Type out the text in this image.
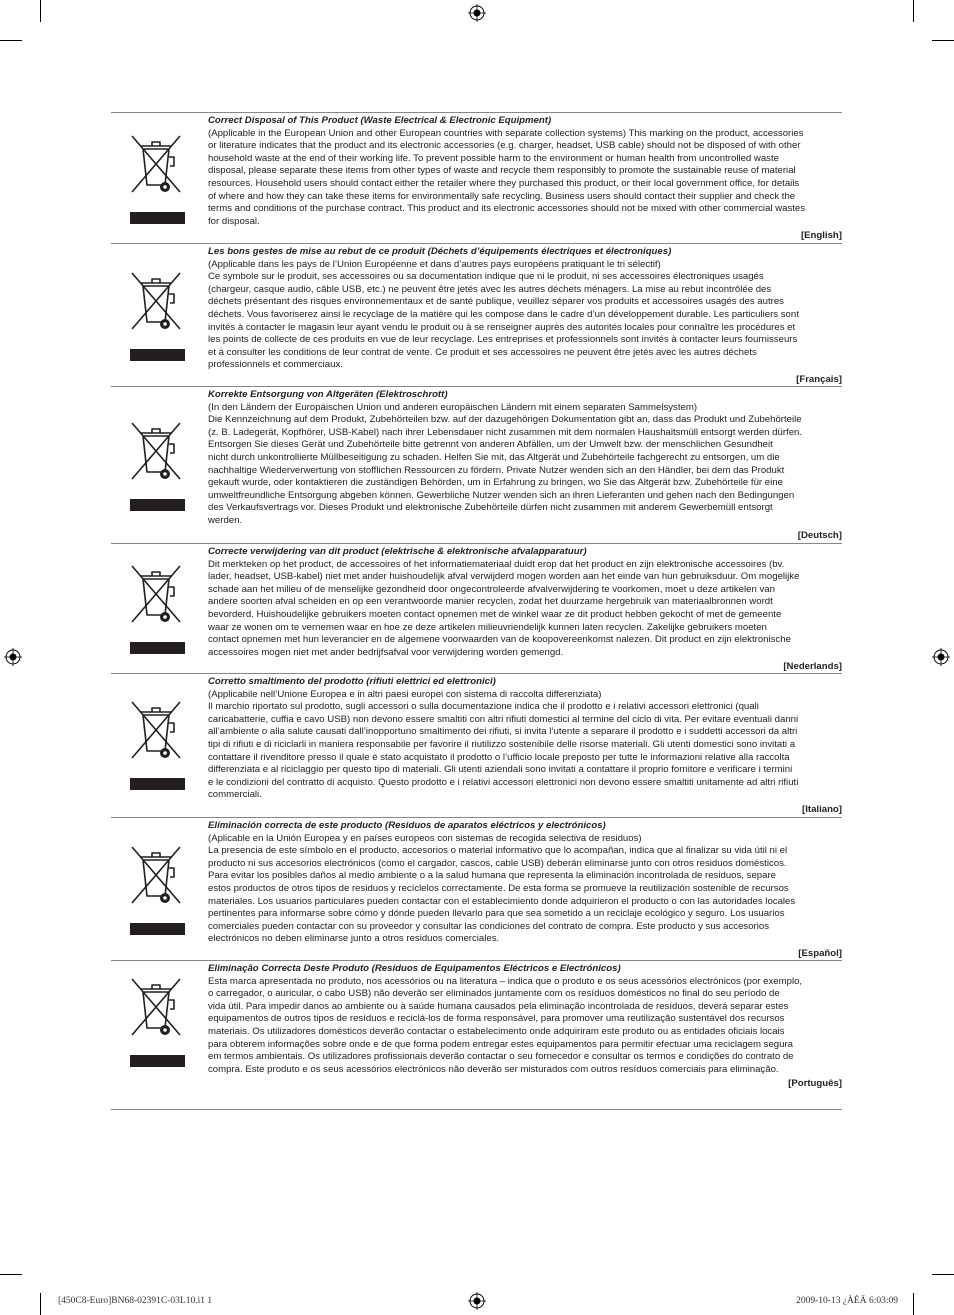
Correct Disposal of This Product (Waste Electrical & Electronic Equipment)

(Applicable in the European Union and other European countries with separate collection systems) This marking on the product, accessories
or literature indicates that the product and its electronic accessories (e.g. charger, headset, USB cable) should not be disposed of with other
household waste at the end of their working life. To prevent possible harm to the environment or human health from uncontrolled waste
disposal, please separate these items from other types of waste and recycle them responsibly to promote the sustainable reuse of material
resources. Household users should contact either the retailer where they purchased this product, or their local government office, for details
of where and how they can take these items for environmentally safe recycling. Business users should contact their supplier and check the
terms and conditions of the purchase contract. This product and its electronic accessories should not be mixed with other commercial wastes
for disposal.

[English]

Les bons gestes de mise au rebut de ce produit (Déchets d’équipements électriques et électroniques)

(Applicable dans les pays de l’Union Européenne et dans d’autres pays européens pratiquant le tri sélectif)
Ce symbole sur le produit, ses accessoires ou sa documentation indique que ni le produit, ni ses accessoires électroniques usagés
(chargeur, casque audio, câble USB, etc.) ne peuvent être jetés avec les autres déchets ménagers. La mise au rebut incontrôlée des
déchets présentant des risques environnementaux et de santé publique, veuillez séparer vos produits et accessoires usagés des autres
déchets. Vous favoriserez ainsi le recyclage de la matière qui les compose dans le cadre d’un développement durable. Les particuliers sont
invités à contacter le magasin leur ayant vendu le produit ou à se renseigner auprès des autorités locales pour connaître les procédures et
les points de collecte de ces produits en vue de leur recyclage. Les entreprises et professionnels sont invités à contacter leurs fournisseurs
et à consulter les conditions de leur contrat de vente. Ce produit et ses accessoires ne peuvent être jetés avec les autres déchets
professionnels et commerciaux.

[Français]

Korrekte Entsorgung von Altgeräten (Elektroschrott)

(In den Ländern der Europäischen Union und anderen europäischen Ländern mit einem separaten Sammelsystem)
Die Kennzeichnung auf dem Produkt, Zubehörteilen bzw. auf der dazugehörigen Dokumentation gibt an, dass das Produkt und Zubehörteile
(z. B. Ladegerät, Kopfhörer, USB-Kabel) nach ihrer Lebensdauer nicht zusammen mit dem normalen Haushaltsmüll entsorgt werden dürfen.
Entsorgen Sie dieses Gerät und Zubehörteile bitte getrennt von anderen Abfällen, um der Umwelt bzw. der menschlichen Gesundheit
nicht durch unkontrollierte Müllbeseitigung zu schaden. Helfen Sie mit, das Altgerät und Zubehörteile fachgerecht zu entsorgen, um die
nachhaltige Wiederverwertung von stofflichen Ressourcen zu fördern. Private Nutzer wenden sich an den Händler, bei dem das Produkt
gekauft wurde, oder kontaktieren die zuständigen Behörden, um in Erfahrung zu bringen, wo Sie das Altgerät bzw. Zubehörteile für eine
umweltfreundliche Entsorgung abgeben können. Gewerbliche Nutzer wenden sich an ihren Lieferanten und gehen nach den Bedingungen
des Verkaufsvertrags vor. Dieses Produkt und elektronische Zubehörteile dürfen nicht zusammen mit anderem Gewerbemüll entsorgt
werden.

[Deutsch]

Correcte verwijdering van dit product (elektrische & elektronische afvalapparatuur)

Dit merkteken op het product, de accessoires of het informatiemateriaal duidt erop dat het product en zijn elektronische accessoires (bv.
lader, headset, USB-kabel) niet met ander huishoudelijk afval verwijderd mogen worden aan het einde van hun gebruiksduur. Om mogelijke
schade aan het milieu of de menselijke gezondheid door ongecontroleerde afvalverwijdering te voorkomen, moet u deze artikelen van
andere soorten afval scheiden en op een verantwoorde manier recyclen, zodat het duurzame hergebruik van materiaalbronnen wordt
bevorderd. Huishoudelijke gebruikers moeten contact opnemen met de winkel waar ze dit product hebben gekocht of met de gemeente
waar ze wonen om te vernemen waar en hoe ze deze artikelen milieuvriendelijk kunnen laten recyclen. Zakelijke gebruikers moeten
contact opnemen met hun leverancier en de algemene voorwaarden van de koopovereenkomst nalezen. Dit product en zijn elektronische
accessoires mogen niet met ander bedrijfsafval voor verwijdering worden gemengd.

[Nederlands]

Corretto smaltimento del prodotto (rifiuti elettrici ed elettronici)

(Applicabile nell’Unione Europea e in altri paesi europei con sistema di raccolta differenziata)
Il marchio riportato sul prodotto, sugli accessori o sulla documentazione indica che il prodotto e i relativi accessori elettronici (quali
caricabatterie, cuffia e cavo USB) non devono essere smaltiti con altri rifiuti domestici al termine del ciclo di vita. Per evitare eventuali danni
all’ambiente o alla salute causati dall’inopportuno smaltimento dei rifiuti, si invita l’utente a separare il prodotto e i suddetti accessori da altri
tipi di rifiuti e di riciclarli in maniera responsabile per favorire il riutilizzo sostenibile delle risorse materiali. Gli utenti domestici sono invitati a
contattare il rivenditore presso il quale è stato acquistato il prodotto o l’ufficio locale preposto per tutte le informazioni relative alla raccolta
differenziata e al riciclaggio per questo tipo di materiali. Gli utenti aziendali sono invitati a contattare il proprio fornitore e verificare i termini
e le condizioni del contratto di acquisto. Questo prodotto e i relativi accessori elettronici non devono essere smaltiti unitamente ad altri rifiuti
commerciali.

[Italiano]

Eliminación correcta de este producto (Residuos de aparatos eléctricos y electrónicos)

(Aplicable en la Unión Europea y en países europeos con sistemas de recogida selectiva de residuos)
La presencia de este símbolo en el producto, accesorios o material informativo que lo acompañan, indica que al finalizar su vida útil ni el
producto ni sus accesorios electrónicos (como el cargador, cascos, cable USB) deberán eliminarse junto con otros residuos domésticos.
Para evitar los posibles daños al medio ambiente o a la salud humana que representa la eliminación incontrolada de residuos, separe
estos productos de otros tipos de residuos y recíclelos correctamente. De esta forma se promueve la reutilización sostenible de recursos
materiales. Los usuarios particulares pueden contactar con el establecimiento donde adquirieron el producto o con las autoridades locales
pertinentes para informarse sobre cómo y dónde pueden llevarlo para que sea sometido a un reciclaje ecológico y seguro. Los usuarios
comerciales pueden contactar con su proveedor y consultar las condiciones del contrato de compra. Este producto y sus accesorios
electrónicos no deben eliminarse junto a otros residuos comerciales.

[Español]

Eliminação Correcta Deste Produto (Resíduos de Equipamentos Eléctricos e Electrónicos)

Esta marca apresentada no produto, nos acessórios ou na literatura – indica que o produto e os seus acessórios electrónicos (por exemplo,
o carregador, o auricular, o cabo USB) não deverão ser eliminados juntamente com os resíduos domésticos no final do seu período de
vida útil. Para impedir danos ao ambiente ou à saúde humana causados pela eliminação incontrolada de resíduos, deverá separar estes
equipamentos de outros tipos de resíduos e reciclá-los de forma responsável, para promover uma reutilização sustentável dos recursos
materiais. Os utilizadores domésticos deverão contactar o estabelecimento onde adquiriram este produto ou as entidades oficiais locais
para obterem informações sobre onde e de que forma podem entregar estes equipamentos para permitir efectuar uma reciclagem segura
em termos ambientais. Os utilizadores profissionais deverão contactar o seu fornecedor e consultar os termos e condições do contrato de
compra. Este produto e os seus acessórios electrónicos não deverão ser misturados com outros resíduos comerciais para eliminação.

[Português]
[450C8-Euro]BN68-02391C-03L10.i1 1	2009-10-13 ¿ÀÈÄ 6:03:09
